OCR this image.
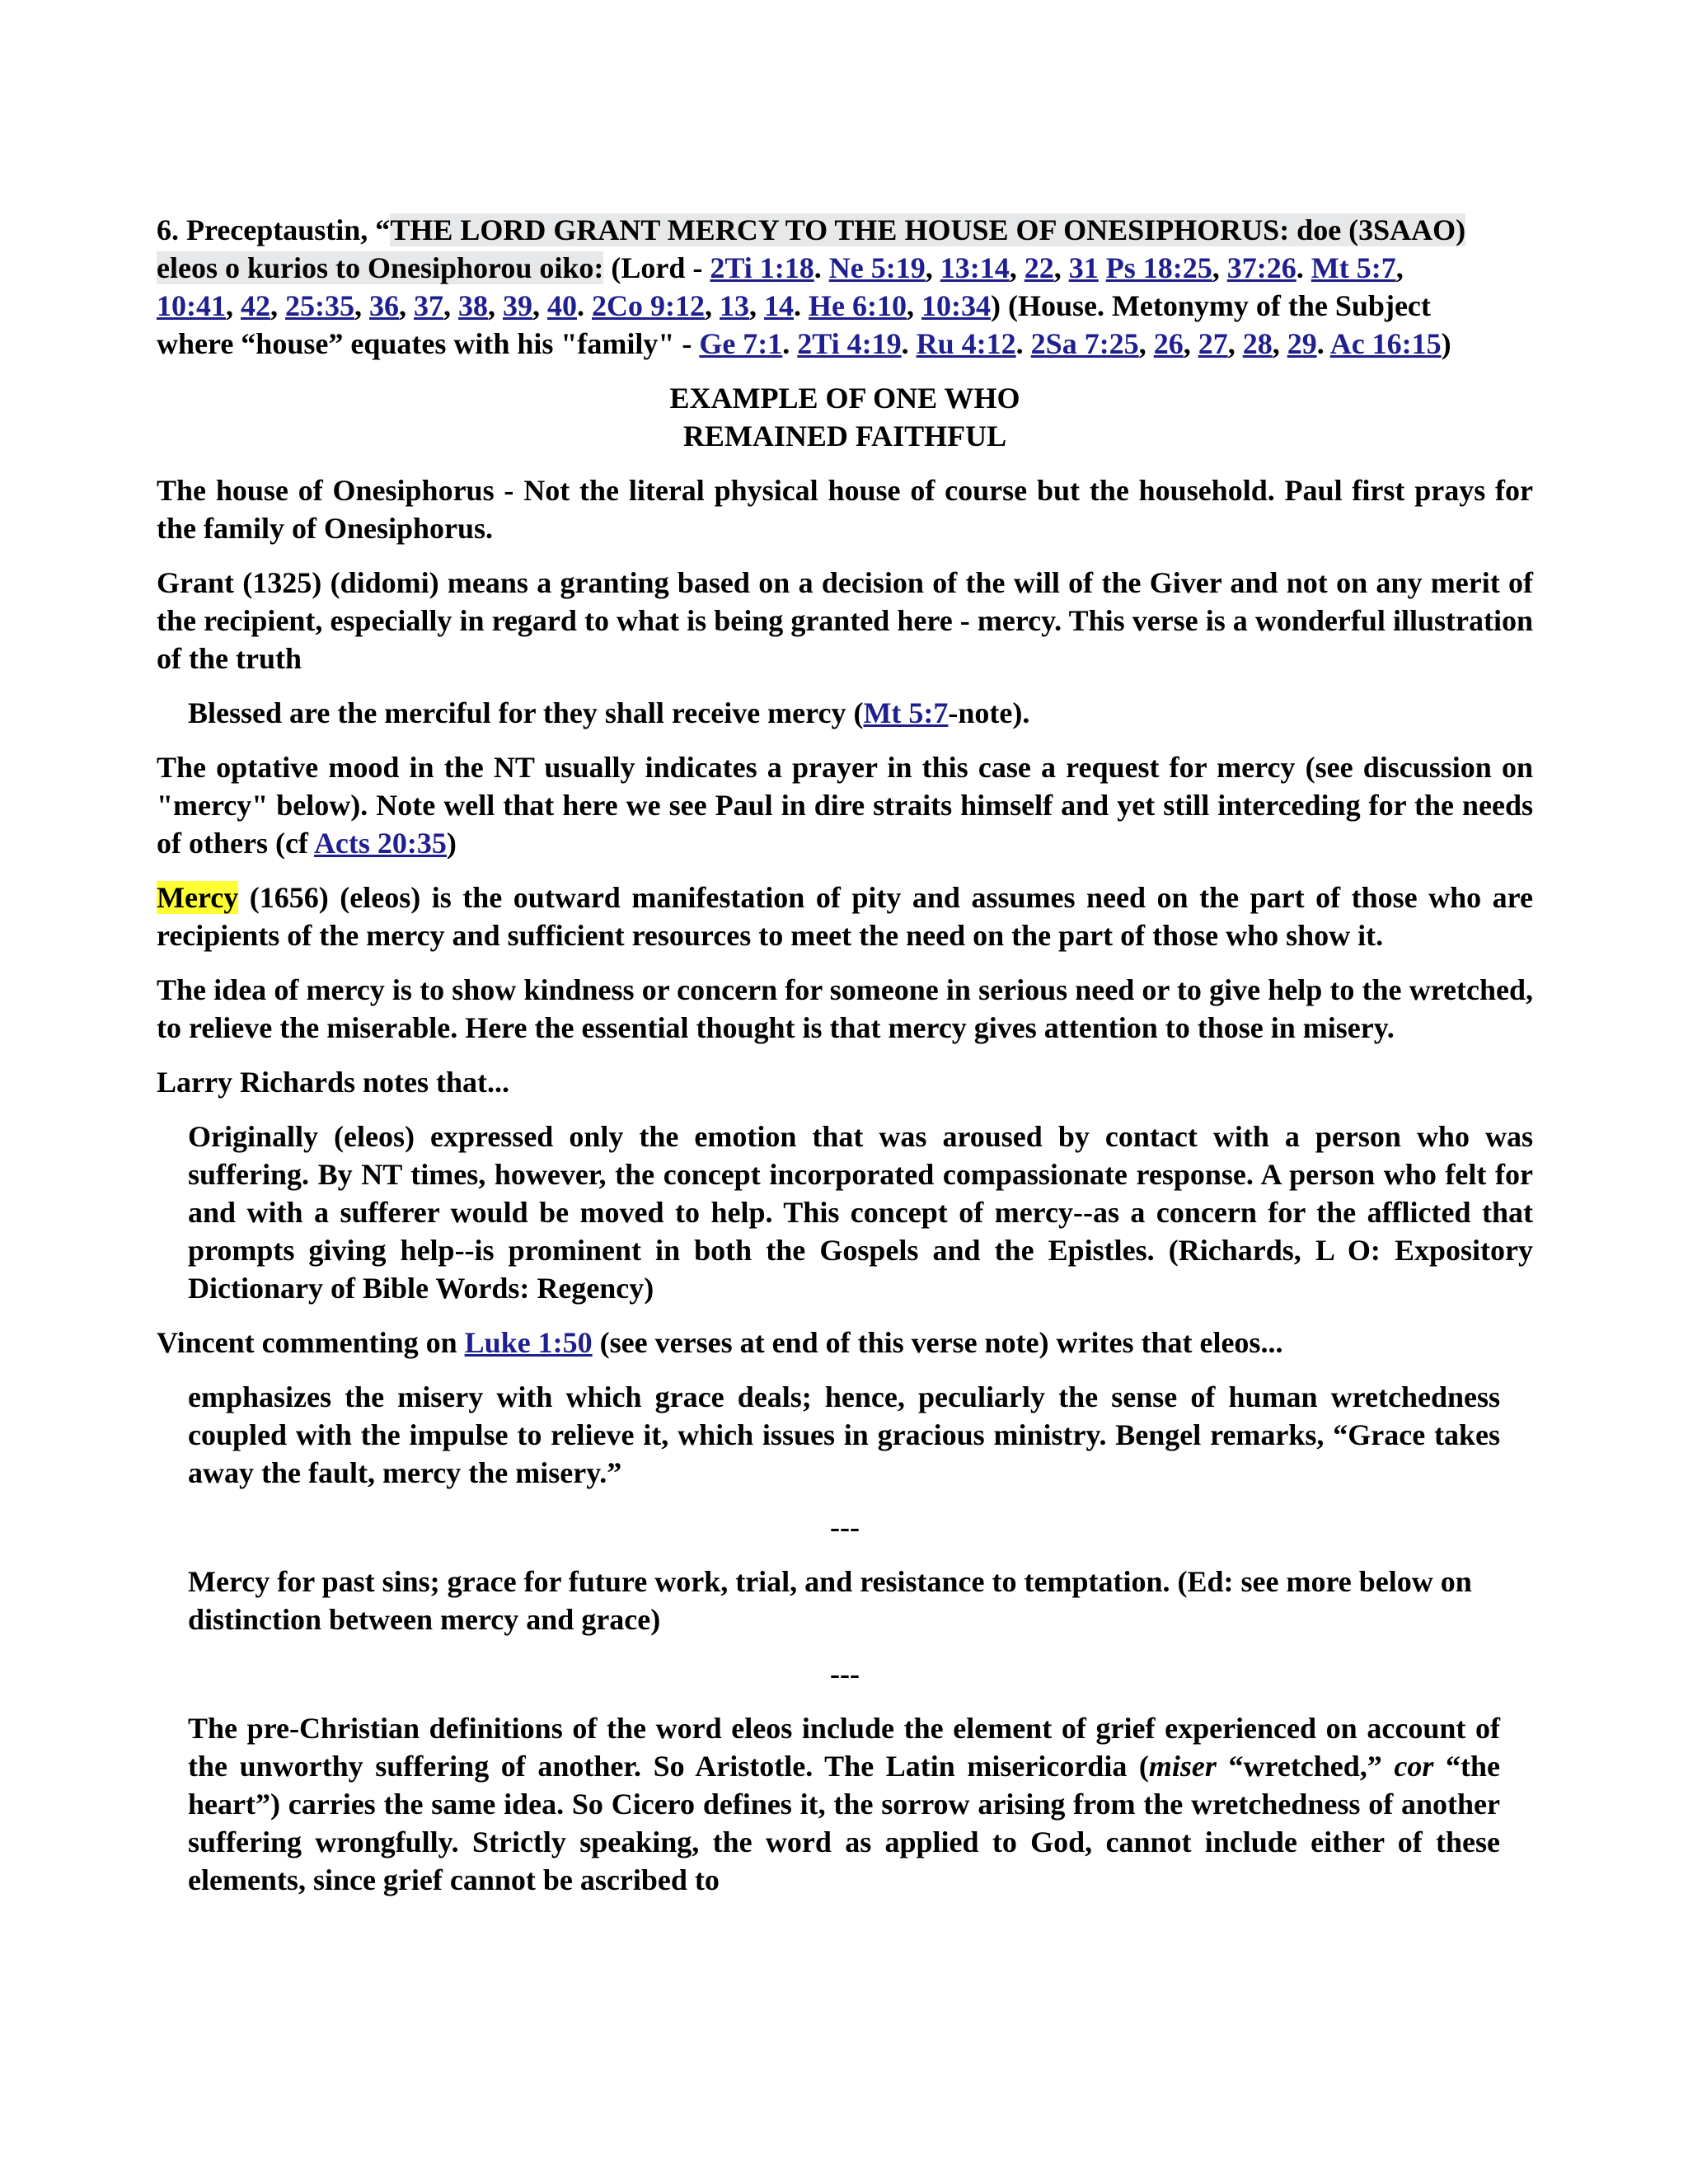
6. Preceptaustin, “THE LORD GRANT MERCY TO THE HOUSE OF ONESIPHORUS: doe (3SAAO) eleos o kurios to Onesiphorou oiko: (Lord - 2Ti 1:18. Ne 5:19, 13:14, 22, 31 Ps 18:25, 37:26. Mt 5:7, 10:41, 42, 25:35, 36, 37, 38, 39, 40. 2Co 9:12, 13, 14. He 6:10, 10:34) (House. Metonymy of the Subject where “house” equates with his "family" - Ge 7:1. 2Ti 4:19. Ru 4:12. 2Sa 7:25, 26, 27, 28, 29. Ac 16:15)

EXAMPLE OF ONE WHO
REMAINED FAITHFUL

The house of Onesiphorus - Not the literal physical house of course but the household. Paul first prays for the family of Onesiphorus.

Grant (1325) (didomi) means a granting based on a decision of the will of the Giver and not on any merit of the recipient, especially in regard to what is being granted here - mercy. This verse is a wonderful illustration of the truth

Blessed are the merciful for they shall receive mercy (Mt 5:7-note).

The optative mood in the NT usually indicates a prayer in this case a request for mercy (see discussion on "mercy" below). Note well that here we see Paul in dire straits himself and yet still interceding for the needs of others (cf Acts 20:35)

Mercy (1656) (eleos) is the outward manifestation of pity and assumes need on the part of those who are recipients of the mercy and sufficient resources to meet the need on the part of those who show it.

The idea of mercy is to show kindness or concern for someone in serious need or to give help to the wretched, to relieve the miserable. Here the essential thought is that mercy gives attention to those in misery.

Larry Richards notes that...

Originally (eleos) expressed only the emotion that was aroused by contact with a person who was suffering. By NT times, however, the concept incorporated compassionate response. A person who felt for and with a sufferer would be moved to help. This concept of mercy--as a concern for the afflicted that prompts giving help--is prominent in both the Gospels and the Epistles. (Richards, L O: Expository Dictionary of Bible Words: Regency)

Vincent commenting on Luke 1:50 (see verses at end of this verse note) writes that eleos...

emphasizes the misery with which grace deals; hence, peculiarly the sense of human wretchedness coupled with the impulse to relieve it, which issues in gracious ministry. Bengel remarks, “Grace takes away the fault, mercy the misery.”

---

Mercy for past sins; grace for future work, trial, and resistance to temptation. (Ed: see more below on distinction between mercy and grace)

---

The pre-Christian definitions of the word eleos include the element of grief experienced on account of the unworthy suffering of another. So Aristotle. The Latin misericordia (miser “wretched,” cor “the heart”) carries the same idea. So Cicero defines it, the sorrow arising from the wretchedness of another suffering wrongfully. Strictly speaking, the word as applied to God, cannot include either of these elements, since grief cannot be ascribed to
